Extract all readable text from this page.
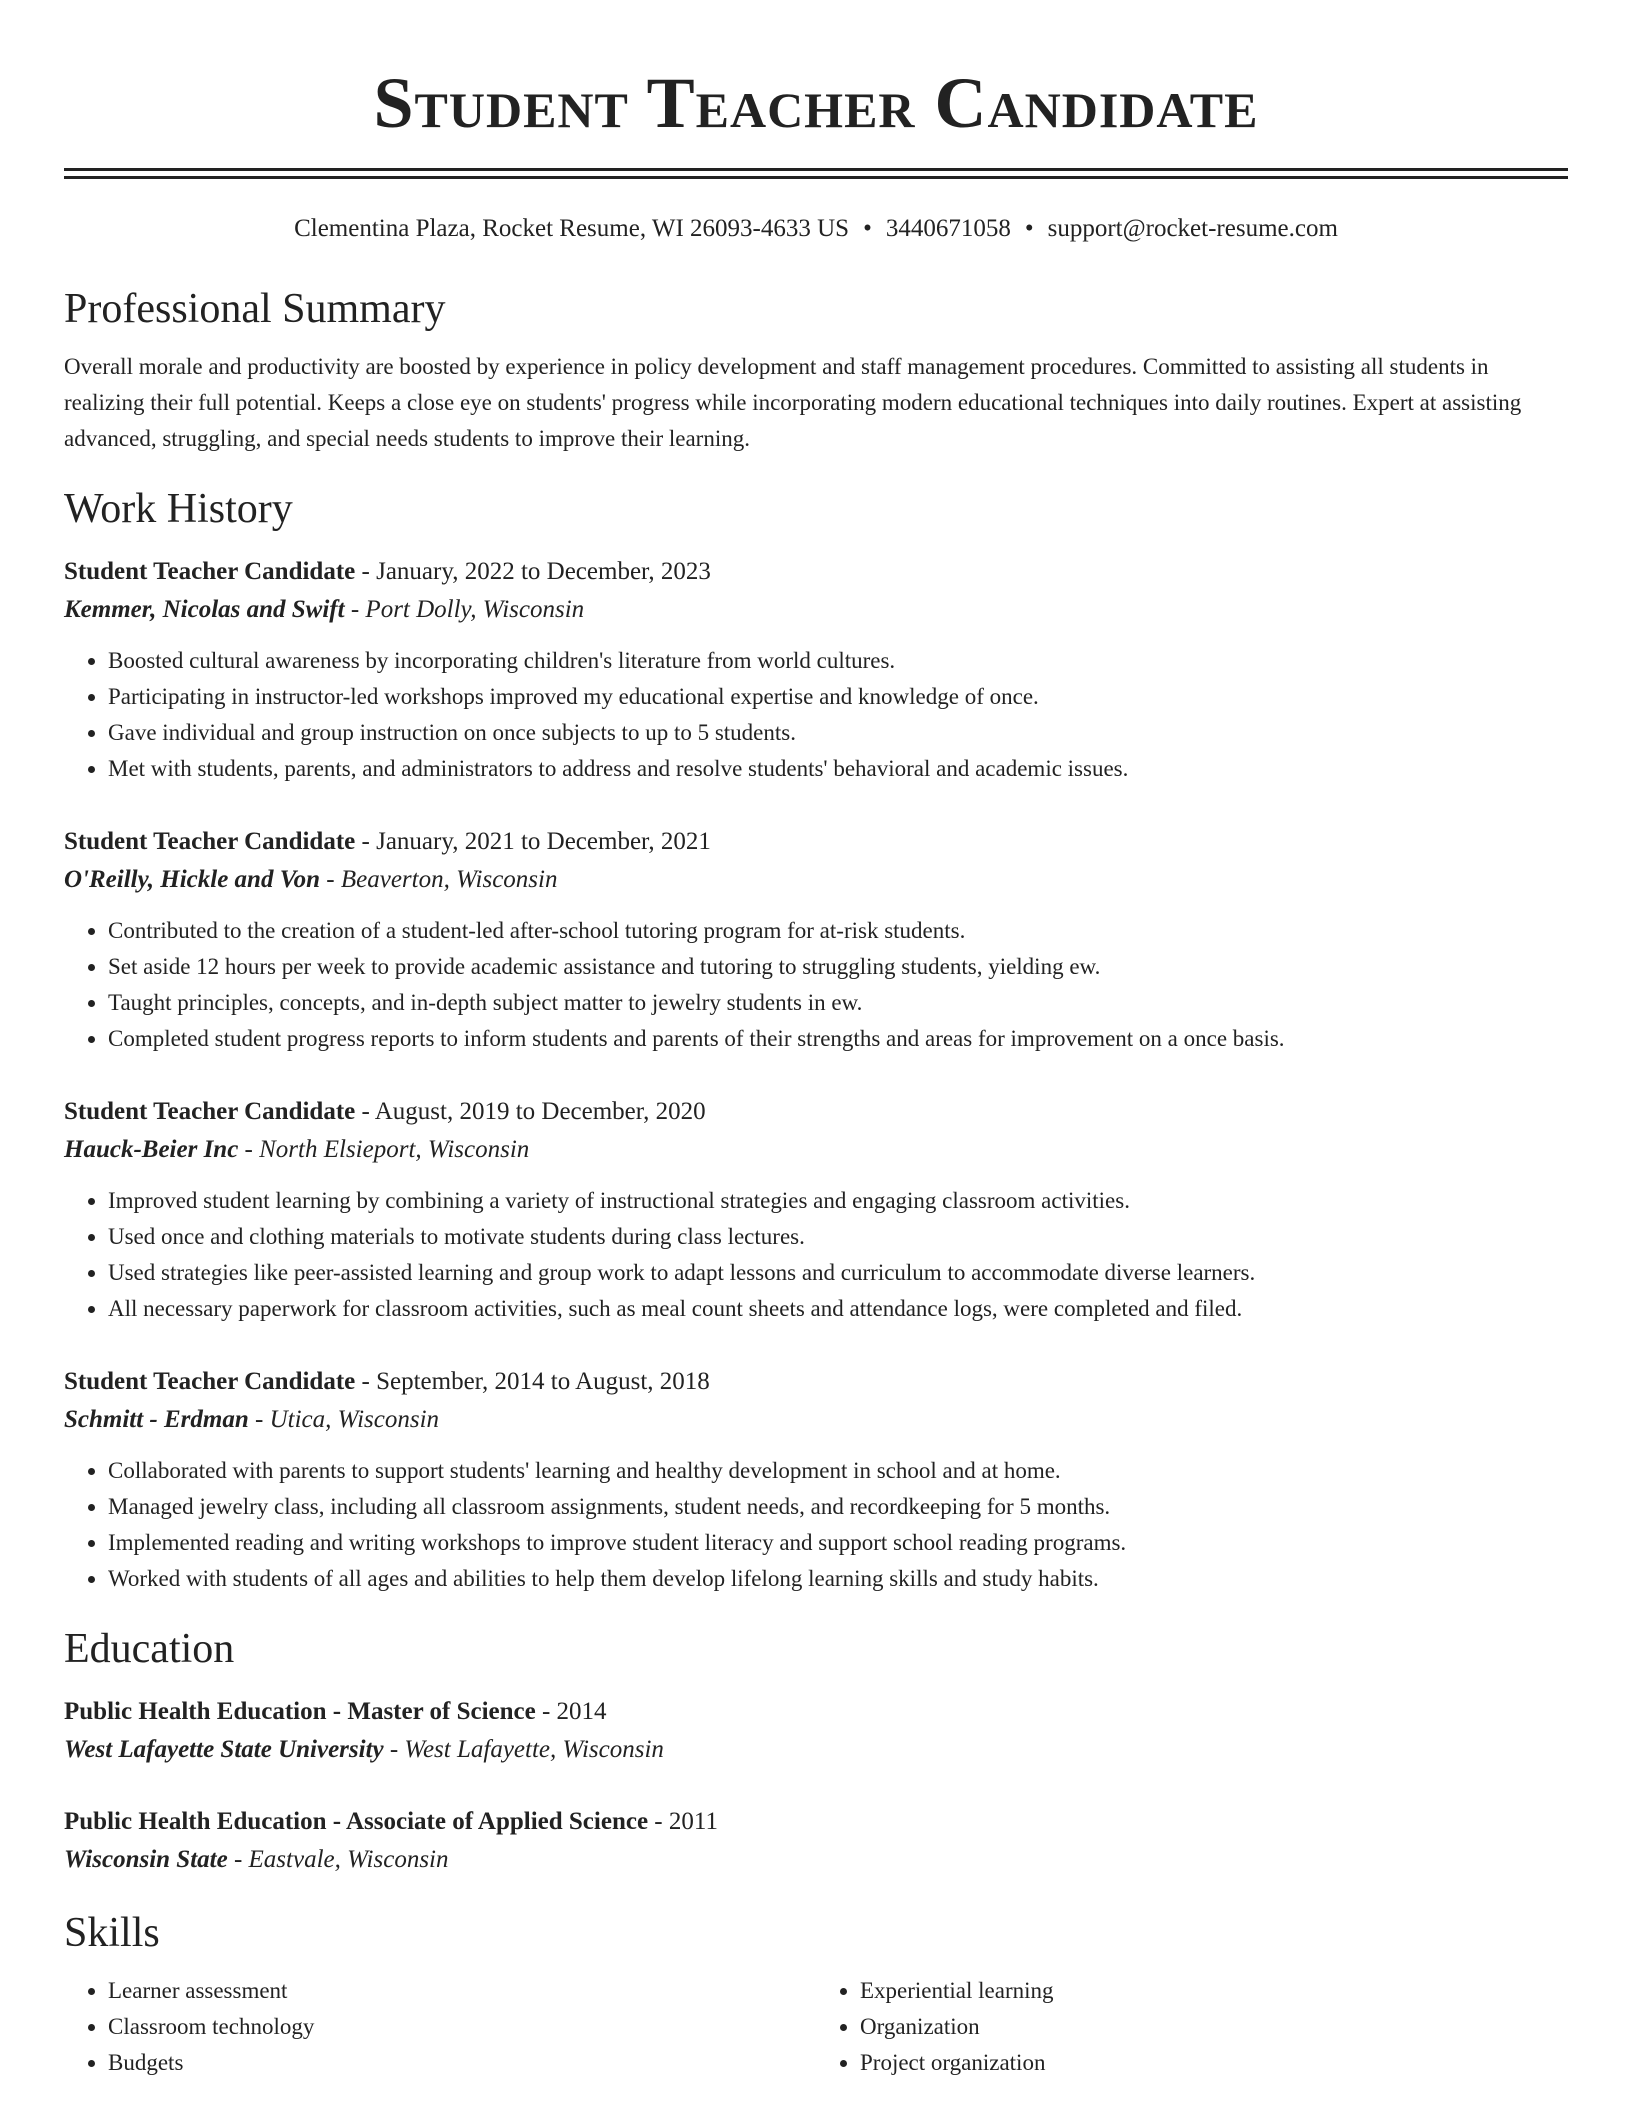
Student Teacher Candidate
Clementina Plaza, Rocket Resume, WI 26093-4633 US • 3440671058 • support@rocket-resume.com
Professional Summary
Overall morale and productivity are boosted by experience in policy development and staff management procedures. Committed to assisting all students in realizing their full potential. Keeps a close eye on students' progress while incorporating modern educational techniques into daily routines. Expert at assisting advanced, struggling, and special needs students to improve their learning.
Work History
Student Teacher Candidate - January, 2022 to December, 2023
Kemmer, Nicolas and Swift - Port Dolly, Wisconsin
• Boosted cultural awareness by incorporating children's literature from world cultures.
• Participating in instructor-led workshops improved my educational expertise and knowledge of once.
• Gave individual and group instruction on once subjects to up to 5 students.
• Met with students, parents, and administrators to address and resolve students' behavioral and academic issues.
Student Teacher Candidate - January, 2021 to December, 2021
O'Reilly, Hickle and Von - Beaverton, Wisconsin
• Contributed to the creation of a student-led after-school tutoring program for at-risk students.
• Set aside 12 hours per week to provide academic assistance and tutoring to struggling students, yielding ew.
• Taught principles, concepts, and in-depth subject matter to jewelry students in ew.
• Completed student progress reports to inform students and parents of their strengths and areas for improvement on a once basis.
Student Teacher Candidate - August, 2019 to December, 2020
Hauck-Beier Inc - North Elsieport, Wisconsin
• Improved student learning by combining a variety of instructional strategies and engaging classroom activities.
• Used once and clothing materials to motivate students during class lectures.
• Used strategies like peer-assisted learning and group work to adapt lessons and curriculum to accommodate diverse learners.
• All necessary paperwork for classroom activities, such as meal count sheets and attendance logs, were completed and filed.
Student Teacher Candidate - September, 2014 to August, 2018
Schmitt - Erdman - Utica, Wisconsin
• Collaborated with parents to support students' learning and healthy development in school and at home.
• Managed jewelry class, including all classroom assignments, student needs, and recordkeeping for 5 months.
• Implemented reading and writing workshops to improve student literacy and support school reading programs.
• Worked with students of all ages and abilities to help them develop lifelong learning skills and study habits.
Education
Public Health Education - Master of Science - 2014
West Lafayette State University - West Lafayette, Wisconsin
Public Health Education - Associate of Applied Science - 2011
Wisconsin State - Eastvale, Wisconsin
Skills
• Learner assessment
• Classroom technology
• Budgets
• Experiential learning
• Organization
• Project organization
